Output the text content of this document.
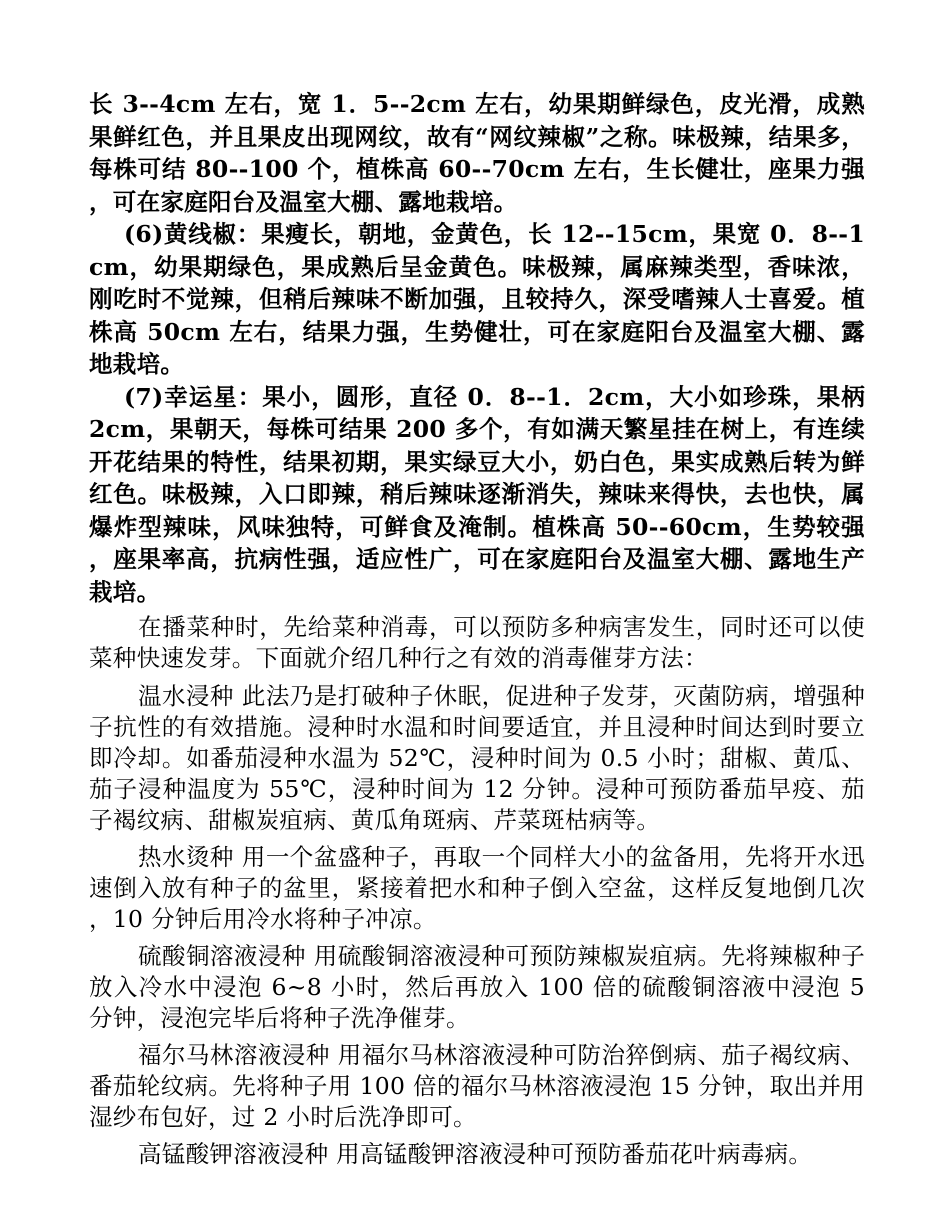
长 3--4cm 左右，宽 1．5--2cm 左右，幼果期鲜绿色，皮光滑，成熟果鲜红色，并且果皮出现网纹，故有“网纹辣椒”之称。味极辣，结果多，每株可结 80--100 个，植株高 60--70cm 左右，生长健壮，座果力强，可在家庭阳台及温室大棚、露地栽培。

(6)黄线椒：果瘦长，朝地，金黄色，长 12--15cm，果宽 0．8--1cm，幼果期绿色，果成熟后呈金黄色。味极辣，属麻辣类型，香味浓，刚吃时不觉辣，但稍后辣味不断加强，且较持久，深受嗜辣人士喜爱。植株高 50cm 左右，结果力强，生势健壮，可在家庭阳台及温室大棚、露地栽培。

(7)幸运星：果小，圆形，直径 0．8--1．2cm，大小如珍珠，果柄 2cm，果朝天，每株可结果 200 多个，有如满天繁星挂在树上，有连续开花结果的特性，结果初期，果实绿豆大小，奶白色，果实成熟后转为鲜红色。味极辣，入口即辣，稍后辣味逐渐消失，辣味来得快，去也快，属爆炸型辣味，风味独特，可鲜食及淹制。植株高 50--60cm，生势较强，座果率高，抗病性强，适应性广，可在家庭阳台及温室大棚、露地生产栽培。

在播菜种时，先给菜种消毒，可以预防多种病害发生，同时还可以使菜种快速发芽。下面就介绍几种行之有效的消毒催芽方法：

温水浸种 此法乃是打破种子休眠，促进种子发芽，灭菌防病，增强种子抗性的有效措施。浸种时水温和时间要适宜，并且浸种时间达到时要立即冷却。如番茄浸种水温为 52℃，浸种时间为 0.5 小时；甜椒、黄瓜、茄子浸种温度为 55℃，浸种时间为 12 分钟。浸种可预防番茄早疫、茄子褐纹病、甜椒炭疽病、黄瓜角斑病、芹菜斑枯病等。

热水烫种 用一个盆盛种子，再取一个同样大小的盆备用，先将开水迅速倒入放有种子的盆里，紧接着把水和种子倒入空盆，这样反复地倒几次，10 分钟后用冷水将种子冲凉。

硫酸铜溶液浸种 用硫酸铜溶液浸种可预防辣椒炭疽病。先将辣椒种子放入冷水中浸泡 6~8 小时，然后再放入 100 倍的硫酸铜溶液中浸泡 5 分钟，浸泡完毕后将种子洗净催芽。

福尔马林溶液浸种 用福尔马林溶液浸种可防治猝倒病、茄子褐纹病、番茄轮纹病。先将种子用 100 倍的福尔马林溶液浸泡 15 分钟，取出并用湿纱布包好，过 2 小时后洗净即可。

高锰酸钾溶液浸种 用高锰酸钾溶液浸种可预防番茄花叶病毒病。
